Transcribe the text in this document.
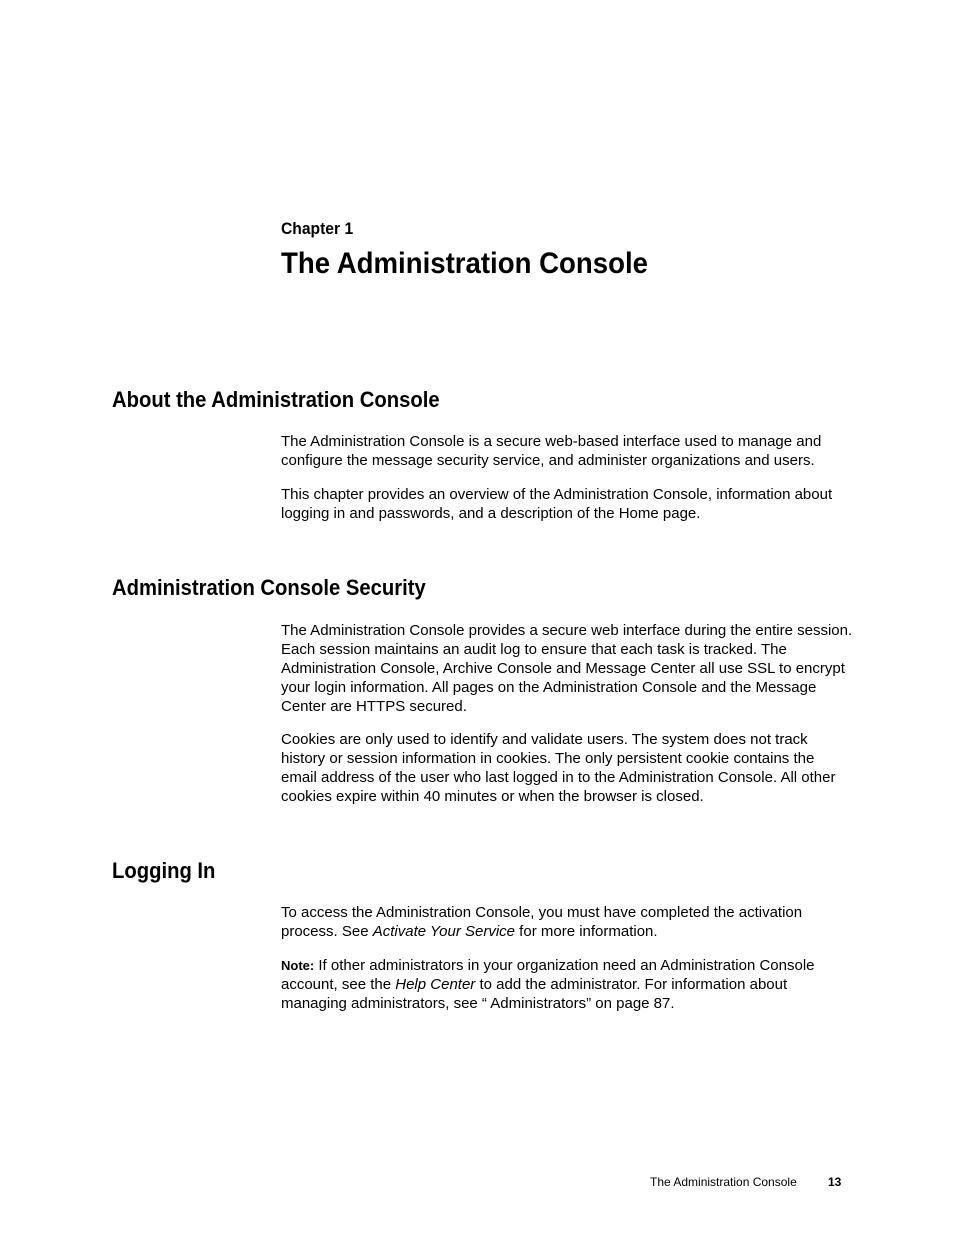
Chapter 1
The Administration Console
About the Administration Console

The Administration Console is a secure web-based interface used to manage and configure the message security service, and administer organizations and users.

This chapter provides an overview of the Administration Console, information about logging in and passwords, and a description of the Home page.

Administration Console Security

The Administration Console provides a secure web interface during the entire session. Each session maintains an audit log to ensure that each task is tracked. The Administration Console, Archive Console and Message Center all use SSL to encrypt your login information. All pages on the Administration Console and the Message Center are HTTPS secured.

Cookies are only used to identify and validate users. The system does not track history or session information in cookies. The only persistent cookie contains the email address of the user who last logged in to the Administration Console. All other cookies expire within 40 minutes or when the browser is closed.

Logging In

To access the Administration Console, you must have completed the activation process. See Activate Your Service for more information.

Note: If other administrators in your organization need an Administration Console account, see the Help Center to add the administrator. For information about managing administrators, see “ Administrators” on page 87.

The Administration Console	13
